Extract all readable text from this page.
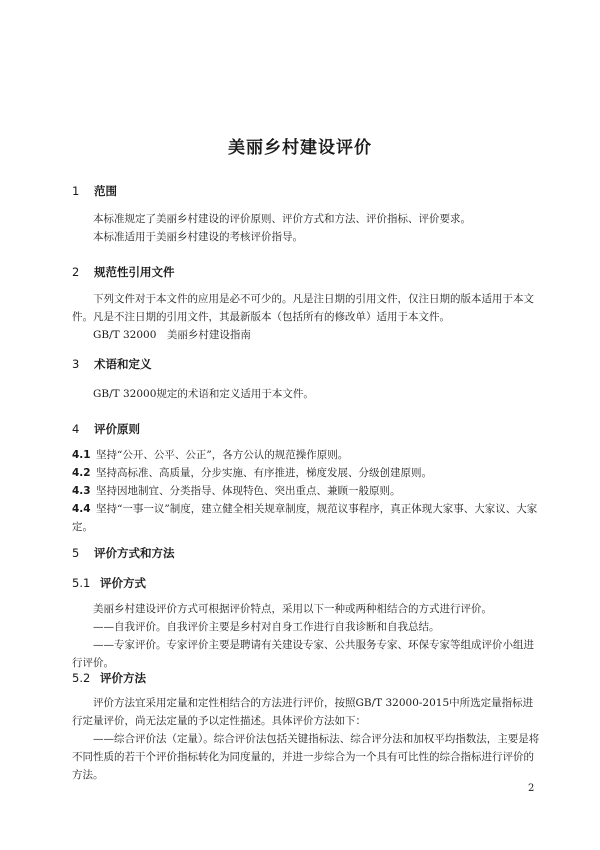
美丽乡村建设评价
1 范围
本标准规定了美丽乡村建设的评价原则、评价方式和方法、评价指标、评价要求。
本标准适用于美丽乡村建设的考核评价指导。
2 规范性引用文件
下列文件对于本文件的应用是必不可少的。凡是注日期的引用文件，仅注日期的版本适用于本文件。凡是不注日期的引用文件，其最新版本（包括所有的修改单）适用于本文件。
GB/T 32000　美丽乡村建设指南
3 术语和定义
GB/T 32000规定的术语和定义适用于本文件。
4 评价原则
4.1 坚持“公开、公平、公正”，各方公认的规范操作原则。
4.2 坚持高标准、高质量，分步实施、有序推进，梯度发展、分级创建原则。
4.3 坚持因地制宜、分类指导、体现特色、突出重点、兼顾一般原则。
4.4 坚持“一事一议”制度，建立健全相关规章制度，规范议事程序，真正体现大家事、大家议、大家定。
5 评价方式和方法
5.1 评价方式
美丽乡村建设评价方式可根据评价特点，采用以下一种或两种相结合的方式进行评价。
——自我评价。自我评价主要是乡村对自身工作进行自我诊断和自我总结。
——专家评价。专家评价主要是聘请有关建设专家、公共服务专家、环保专家等组成评价小组进行评价。
5.2 评价方法
评价方法宜采用定量和定性相结合的方法进行评价，按照GB/T 32000-2015中所选定量指标进行定量评价，尚无法定量的予以定性描述。具体评价方法如下：
——综合评价法（定量）。综合评价法包括关键指标法、综合评分法和加权平均指数法，主要是将不同性质的若干个评价指标转化为同度量的，并进一步综合为一个具有可比性的综合指标进行评价的方法。
2
